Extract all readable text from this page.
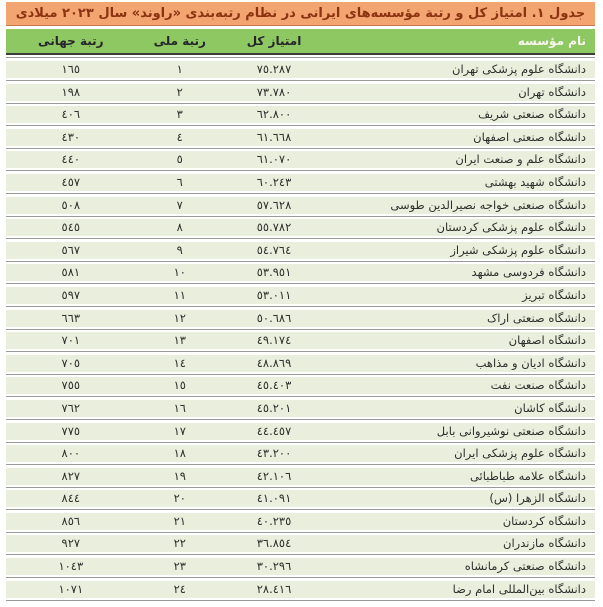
جدول ١. امتیاز کل و رتبة مؤسسه‌های ایرانی در نظام رتبه‌بندی «راوند» سال ٢٠٢٣ میلادی
نام مؤسسه
امتیاز کل
رتبة ملی
رتبة جهانی
دانشگاه علوم پزشکی تهران
٧٥.٢٨٧
١
١٦٥
دانشگاه تهران
٧٣.٧٨٠
٢
١٩٨
دانشگاه صنعتی شریف
٦٢.٨٠٠
٣
٤٠٦
دانشگاه صنعتی اصفهان
٦١.٦٦٨
٤
٤٣٠
دانشگاه علم و صنعت ایران
٦١.٠٧٠
٥
٤٤٠
دانشگاه شهید بهشتی
٦٠.٢٤٣
٦
٤٥٧
دانشگاه صنعتی خواجه نصیرالدین طوسی
٥٧.٦٢٨
٧
٥٠٨
دانشگاه علوم پزشکی کردستان
٥٥.٧٨٢
٨
٥٤٥
دانشگاه علوم پزشکی شیراز
٥٤.٧٦٤
٩
٥٦٧
دانشگاه فردوسی مشهد
٥٣.٩٥١
١٠
٥٨١
دانشگاه تبریز
٥٣.٠١١
١١
٥٩٧
دانشگاه صنعتی اراک
٥٠.٦٨٦
١٢
٦٦٣
دانشگاه اصفهان
٤٩.١٧٤
١٣
٧٠١
دانشگاه ادیان و مذاهب
٤٨.٨٦٩
١٤
٧٠٥
دانشگاه صنعت نفت
٤٥.٤٠٣
١٥
٧٥٥
دانشگاه کاشان
٤٥.٢٠١
١٦
٧٦٢
دانشگاه صنعتی نوشیروانی بابل
٤٤.٤٥٧
١٧
٧٧٥
دانشگاه علوم پزشکی ایران
٤٣.٢٠٠
١٨
٨٠٠
دانشگاه علامه طباطبائی
٤٢.١٠٦
١٩
٨٢٧
دانشگاه الزهرا (س)
٤١.٠٩١
٢٠
٨٤٤
دانشگاه کردستان
٤٠.٢٣٥
٢١
٨٥٦
دانشگاه مازندران
٣٦.٨٥٤
٢٢
٩٢٧
دانشگاه صنعتی کرمانشاه
٣٠.٢٩٦
٢٣
١٠٤٣
دانشگاه بین‌المللی امام رضا
٢٨.٤١٦
٢٤
١٠٧١
